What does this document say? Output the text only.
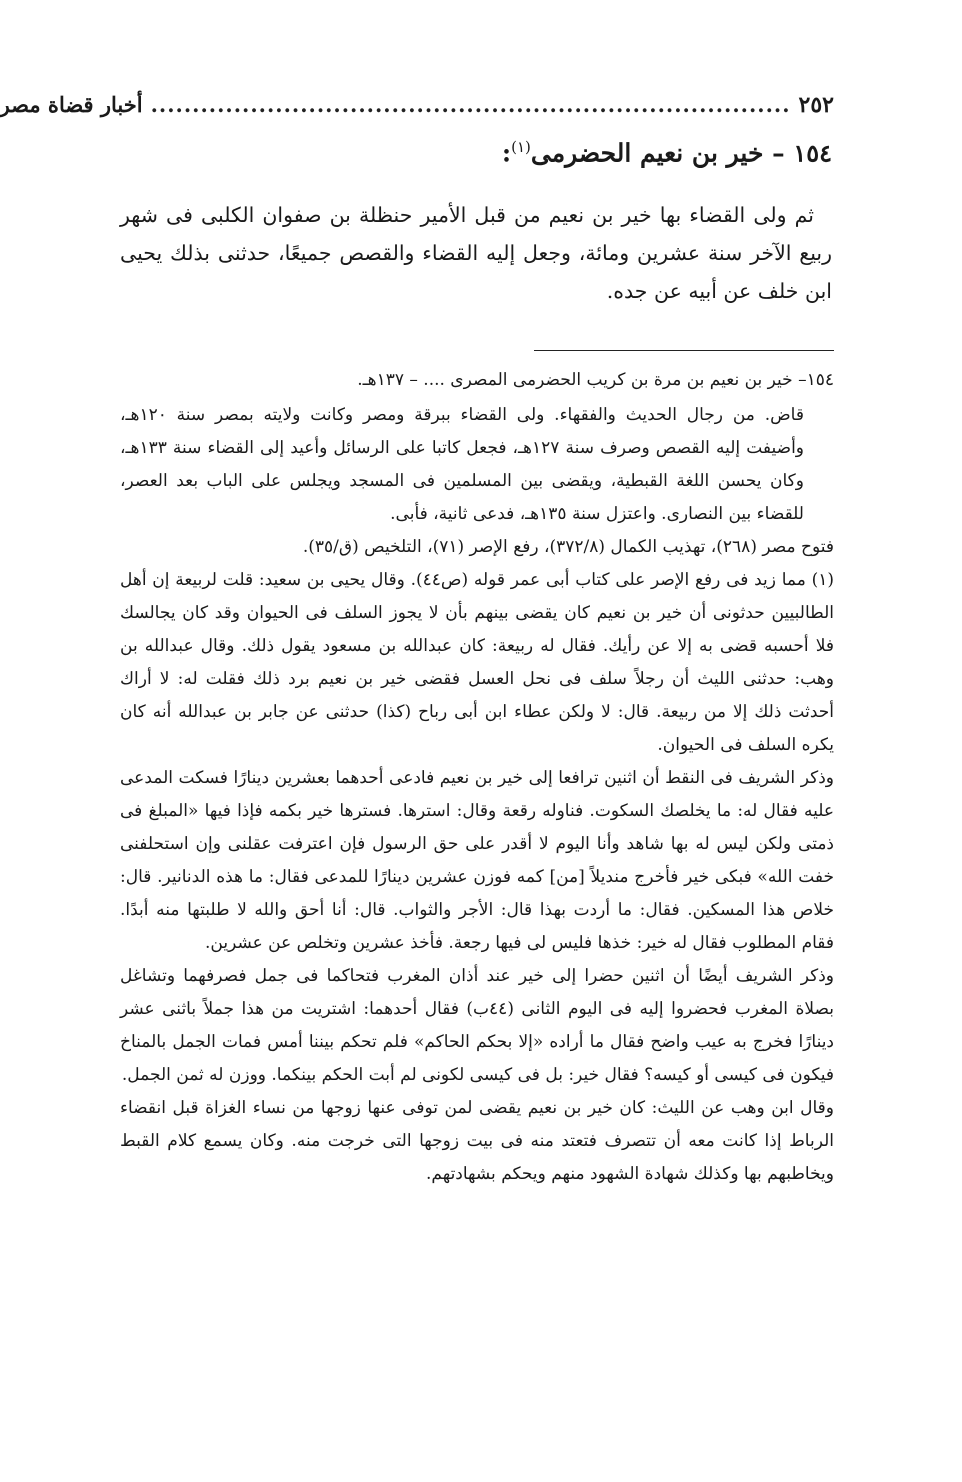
٢٥٢
.............................................................................
أخبار قضاة مصر
١٥٤ – خير بن نعيم الحضرمى$^{(١)}$:

ثم ولى القضاء بها خير بن نعيم من قبل الأمير حنظلة بن صفوان الكلبى فى شهر ربيع الآخر سنة عشرين ومائة، وجعل إليه القضاء والقصص جميعًا، حدثنى بذلك يحيى ابن خلف عن أبيه عن جده.

١٥٤– خير بن نعيم بن مرة بن كريب الحضرمى المصرى .... – ١٣٧هـ.

قاض. من رجال الحديث والفقهاء. ولى القضاء ببرقة ومصر وكانت ولايته بمصر سنة ١٢٠هـ، وأضيفت إليه القصص وصرف سنة ١٢٧هـ، فجعل كاتبا على الرسائل وأعيد إلى القضاء سنة ١٣٣هـ، وكان يحسن اللغة القبطية، ويقضى بين المسلمين فى المسجد ويجلس على الباب بعد العصر، للقضاء بين النصارى. واعتزل سنة ١٣٥هـ، فدعى ثانية، فأبى.

فتوح مصر (٢٦٨)، تهذيب الكمال (٣٧٢/٨)، رفع الإصر (٧١)، التلخيص (ق/٣٥).

(١) مما زيد فى رفع الإصر على كتاب أبى عمر قوله (ص٤٤). وقال يحيى بن سعيد: قلت لربيعة إن أهل الطالبيين حدثونى أن خير بن نعيم كان يقضى بينهم بأن لا يجوز السلف فى الحيوان وقد كان يجالسك فلا أحسبه قضى به إلا عن رأيك. فقال له ربيعة: كان عبدالله بن مسعود يقول ذلك. وقال عبدالله بن وهب: حدثنى الليث أن رجلاً سلف فى نحل العسل فقضى خير بن نعيم برد ذلك فقلت له: لا أراك أحدثت ذلك إلا من ربيعة. قال: لا ولكن عطاء ابن أبى رباح (كذا) حدثنى عن جابر بن عبدالله أنه كان يكره السلف فى الحيوان.

وذكر الشريف فى النقط أن اثنين ترافعا إلى خير بن نعيم فادعى أحدهما بعشرين دينارًا فسكت المدعى عليه فقال له: ما يخلصك السكوت. فناوله رقعة وقال: استرها. فسترها خير بكمه فإذا فيها «المبلغ فى ذمتى ولكن ليس له بها شاهد وأنا اليوم لا أقدر على حق الرسول فإن اعترفت عقلنى وإن استحلفنى خفت الله» فبكى خير فأخرج منديلاً [من] كمه فوزن عشرين دينارًا للمدعى فقال: ما هذه الدنانير. قال: خلاص هذا المسكين. فقال: ما أردت بهذا قال: الأجر والثواب. قال: أنا أحق والله لا طلبتها منه أبدًا. فقام المطلوب فقال له خير: خذها فليس لى فيها رجعة. فأخذ عشرين وتخلص عن عشرين.

وذكر الشريف أيضًا أن اثنين حضرا إلى خير عند أذان المغرب فتحاكما فى جمل فصرفهما وتشاغل بصلاة المغرب فحضروا إليه فى اليوم الثانى (٤٤ب) فقال أحدهما: اشتريت من هذا جملاً باثنى عشر دينارًا فخرج به عيب واضح فقال ما أراده «إلا بحكم الحاكم» فلم تحكم بيننا أمس فمات الجمل بالمناخ فيكون فى كيسى أو كيسه؟ فقال خير: بل فى كيسى لكونى لم أبت الحكم بينكما. ووزن له ثمن الجمل.

وقال ابن وهب عن الليث: كان خير بن نعيم يقضى لمن توفى عنها زوجها من نساء الغزاة قبل انقضاء الرباط إذا كانت معه أن تتصرف فتعتد منه فى بيت زوجها التى خرجت منه. وكان يسمع كلام القبط ويخاطبهم بها وكذلك شهادة الشهود منهم ويحكم بشهادتهم.
